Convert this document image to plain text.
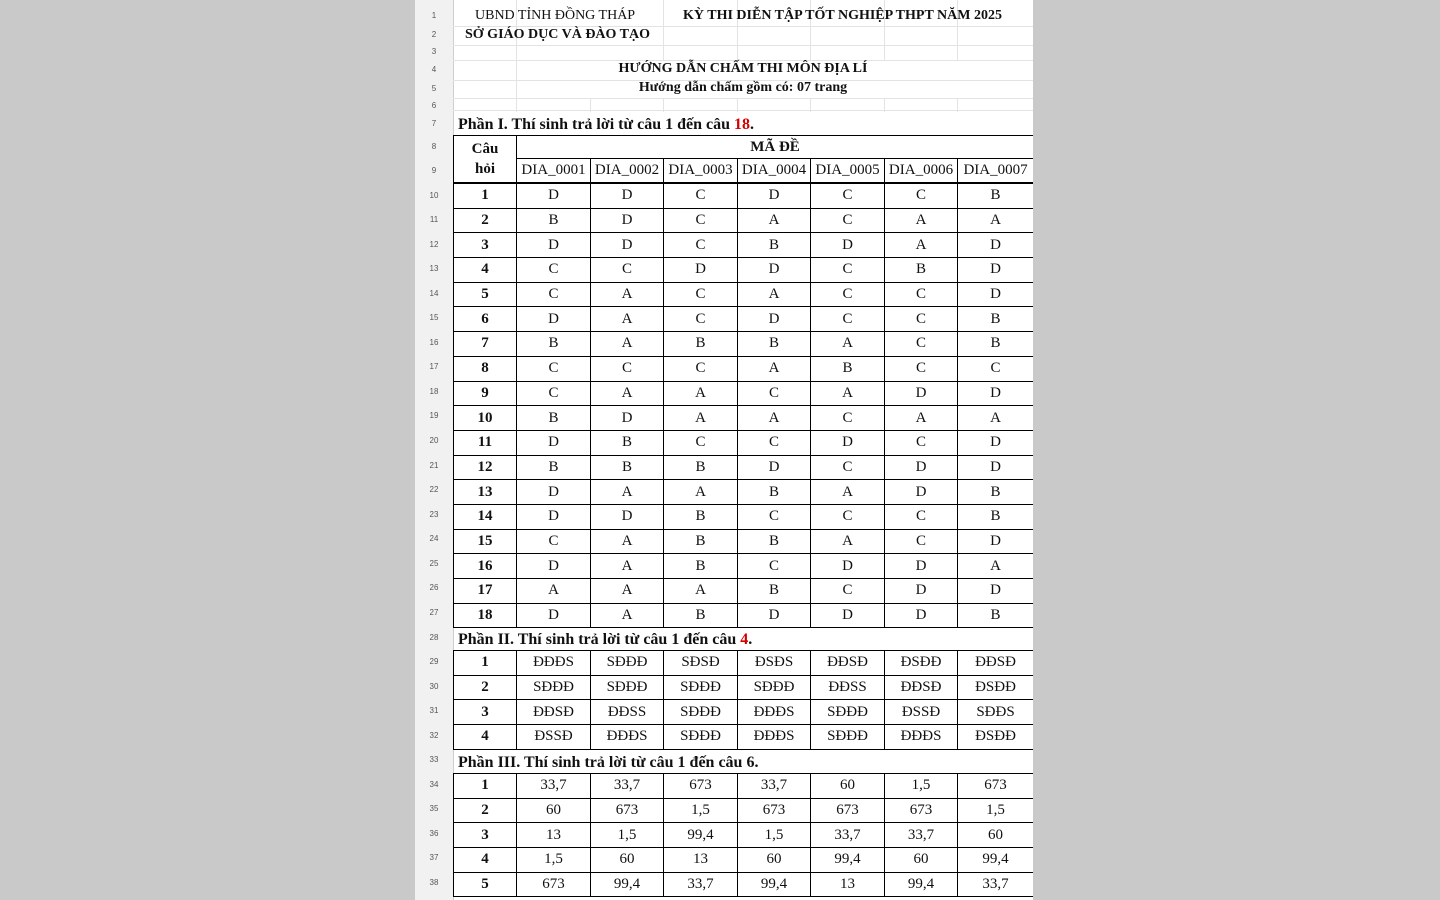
1
2
3
4
5
6
7
8
9
10
11
12
13
14
15
16
17
18
19
20
21
22
23
24
25
26
27
28
29
30
31
32
33
34
35
36
37
38
UBND TỈNH ĐỒNG THÁP
SỞ GIÁO DỤC VÀ ĐÀO TẠO
KỲ THI DIỄN TẬP TỐT NGHIỆP THPT NĂM 2025
HƯỚNG DẪN CHẤM THI MÔN ĐỊA LÍ
Hướng dẫn chấm gồm có: 07 trang
Phần I. Thí sinh trả lời từ câu 1 đến câu 18.
Câu hỏi	MÃ ĐỀ						

	DIA_0001	DIA_0002	DIA_0003	DIA_0004	DIA_0005	DIA_0006	DIA_0007
1	D	D	C	D	C	C	B
2	B	D	C	A	C	A	A
3	D	D	C	B	D	A	D
4	C	C	D	D	C	B	D
5	C	A	C	A	C	C	D
6	D	A	C	D	C	C	B
7	B	A	B	B	A	C	B
8	C	C	C	A	B	C	C
9	C	A	A	C	A	D	D
10	B	D	A	A	C	A	A
11	D	B	C	C	D	C	D
12	B	B	B	D	C	D	D
13	D	A	A	B	A	D	B
14	D	D	B	C	C	C	B
15	C	A	B	B	A	C	D
16	D	A	B	C	D	D	A
17	A	A	A	B	C	D	D
18	D	A	B	D	D	D	B
Phần II. Thí sinh trả lời từ câu 1 đến câu 4.
1	ĐĐĐS	SĐĐĐ	SĐSĐ	ĐSĐS	ĐĐSĐ	ĐSĐĐ	ĐĐSĐ
2	SĐĐĐ	SĐĐĐ	SĐĐĐ	SĐĐĐ	ĐĐSS	ĐĐSĐ	ĐSĐĐ
3	ĐĐSĐ	ĐĐSS	SĐĐĐ	ĐĐĐS	SĐĐĐ	ĐSSĐ	SĐĐS
4	ĐSSĐ	ĐĐĐS	SĐĐĐ	ĐĐĐS	SĐĐĐ	ĐĐĐS	ĐSĐĐ
Phần III. Thí sinh trả lời từ câu 1 đến câu 6.
1	33,7	33,7	673	33,7	60	1,5	673
2	60	673	1,5	673	673	673	1,5
3	13	1,5	99,4	1,5	33,7	33,7	60
4	1,5	60	13	60	99,4	60	99,4
5	673	99,4	33,7	99,4	13	99,4	33,7
